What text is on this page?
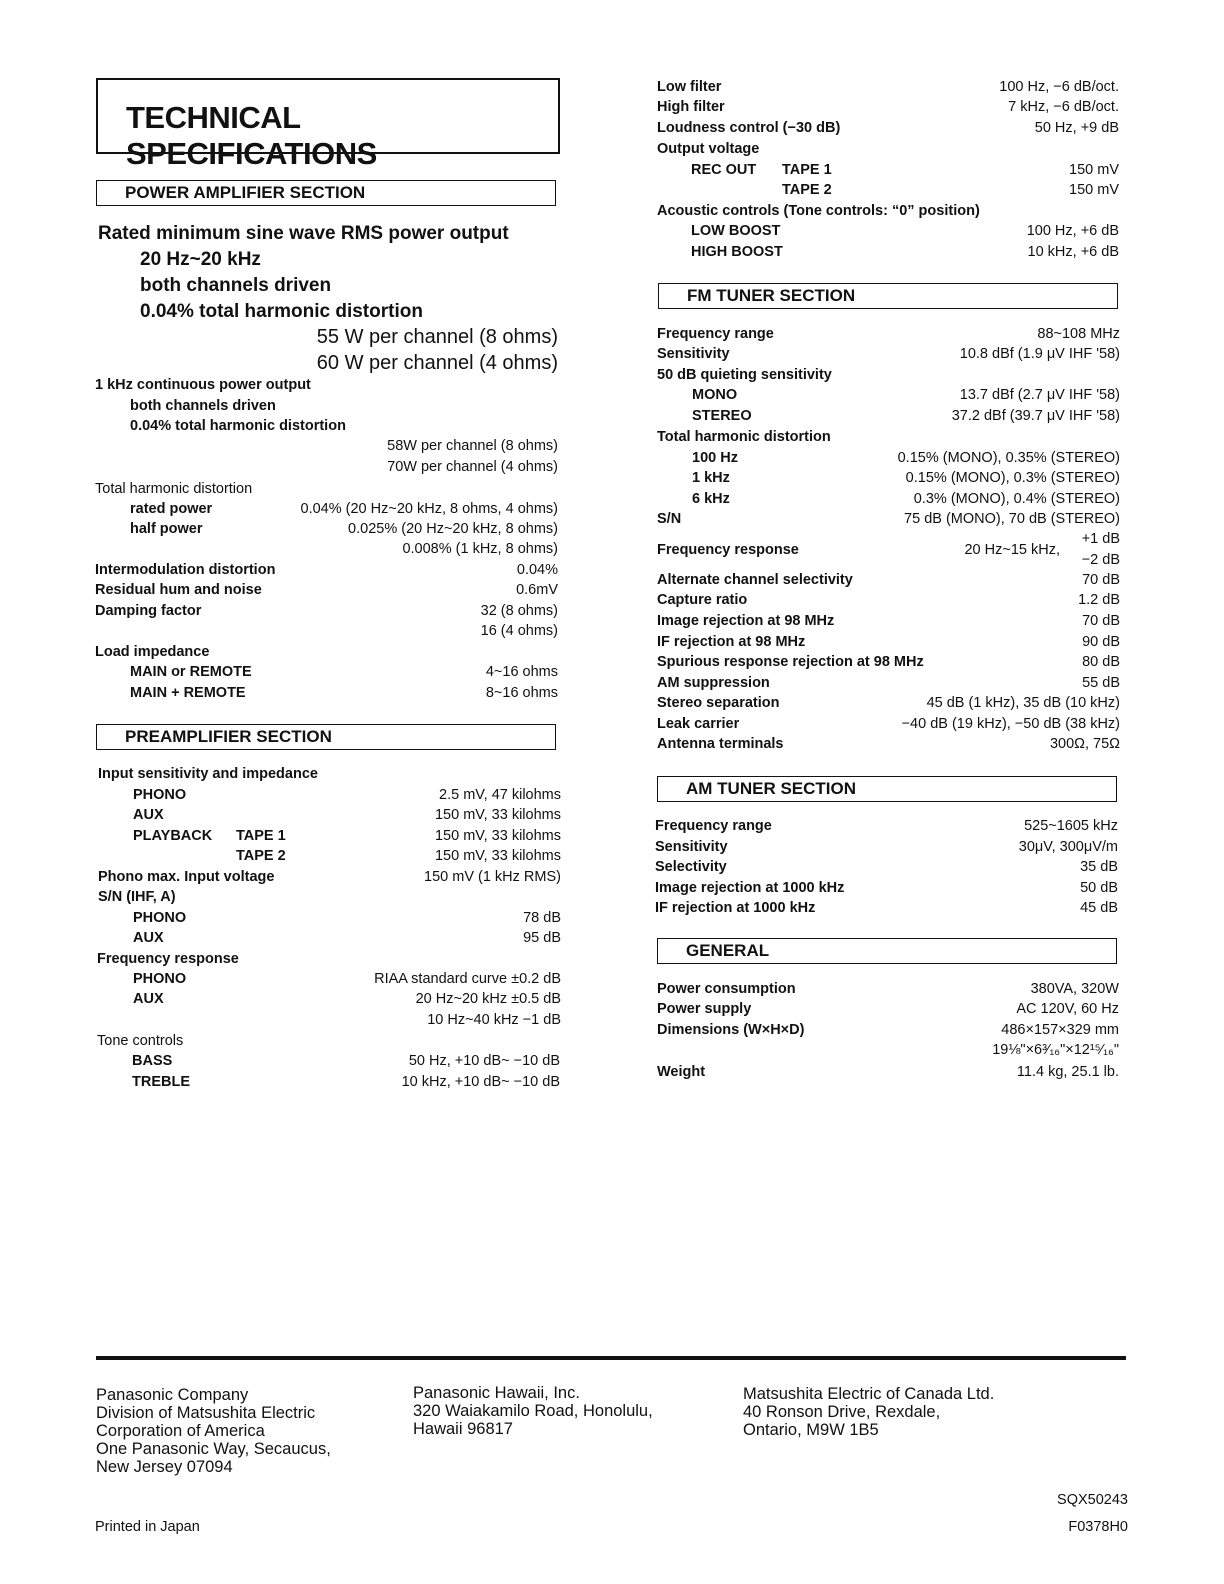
TECHNICAL SPECIFICATIONS
POWER AMPLIFIER SECTION
Rated minimum sine wave RMS power output
20 Hz~20 kHz
both channels driven
0.04% total harmonic distortion
55 W per channel (8 ohms)
60 W per channel (4 ohms)
1 kHz continuous power output
both channels driven
0.04% total harmonic distortion
58W per channel (8 ohms)
70W per channel (4 ohms)
Total harmonic distortion
rated power	0.04% (20 Hz~20 kHz, 8 ohms, 4 ohms)
half power	0.025% (20 Hz~20 kHz, 8 ohms)
0.008% (1 kHz, 8 ohms)
Intermodulation distortion	0.04%
Residual hum and noise	0.6mV
Damping factor	32 (8 ohms)
16 (4 ohms)
Load impedance
MAIN or REMOTE	4~16 ohms
MAIN + REMOTE	8~16 ohms
PREAMPLIFIER SECTION
Input sensitivity and impedance
PHONO	2.5 mV, 47 kilohms
AUX	150 mV, 33 kilohms
PLAYBACK TAPE 1	150 mV, 33 kilohms
TAPE 2	150 mV, 33 kilohms
Phono max. Input voltage	150 mV (1 kHz RMS)
S/N (IHF, A)
PHONO	78 dB
AUX	95 dB
Frequency response
PHONO	RIAA standard curve ±0.2 dB
AUX	20 Hz~20 kHz ±0.5 dB
10 Hz~40 kHz −1 dB
Tone controls
BASS	50 Hz, +10 dB~ −10 dB
TREBLE	10 kHz, +10 dB~ −10 dB
Low filter	100 Hz, −6 dB/oct.
High filter	7 kHz, −6 dB/oct.
Loudness control (−30 dB)	50 Hz, +9 dB
Output voltage
REC OUT TAPE 1	150 mV
TAPE 2	150 mV
Acoustic controls (Tone controls: “0” position)
LOW BOOST	100 Hz, +6 dB
HIGH BOOST	10 kHz, +6 dB
FM TUNER SECTION
Frequency range	88~108 MHz
Sensitivity	10.8 dBf (1.9 μV IHF '58)
50 dB quieting sensitivity
MONO	13.7 dBf (2.7 μV IHF '58)
STEREO	37.2 dBf (39.7 μV IHF '58)
Total harmonic distortion
100 Hz	0.15% (MONO), 0.35% (STEREO)
1 kHz	0.15% (MONO), 0.3% (STEREO)
6 kHz	0.3% (MONO), 0.4% (STEREO)
S/N	75 dB (MONO), 70 dB (STEREO)
Frequency response	20 Hz~15 kHz,
+1 dB
−2 dB
Alternate channel selectivity	70 dB
Capture ratio	1.2 dB
Image rejection at 98 MHz	70 dB
IF rejection at 98 MHz	90 dB
Spurious response rejection at 98 MHz	80 dB
AM suppression	55 dB
Stereo separation	45 dB (1 kHz), 35 dB (10 kHz)
Leak carrier	−40 dB (19 kHz), −50 dB (38 kHz)
Antenna terminals	300Ω, 75Ω
AM TUNER SECTION
Frequency range	525~1605 kHz
Sensitivity	30μV, 300μV/m
Selectivity	35 dB
Image rejection at 1000 kHz	50 dB
IF rejection at 1000 kHz	45 dB
GENERAL
Power consumption	380VA, 320W
Power supply	AC 120V, 60 Hz
Dimensions (W×H×D)	486×157×329 mm
19⅛"×6³⁄₁₆"×12¹⁵⁄₁₆"
Weight	11.4 kg, 25.1 lb.
Panasonic Company
Division of Matsushita Electric
Corporation of America
One Panasonic Way, Secaucus,
New Jersey 07094
Panasonic Hawaii, Inc.
320 Waiakamilo Road, Honolulu,
Hawaii 96817
Matsushita Electric of Canada Ltd.
40 Ronson Drive, Rexdale,
Ontario, M9W 1B5
Printed in Japan
SQX50243
F0378H0
